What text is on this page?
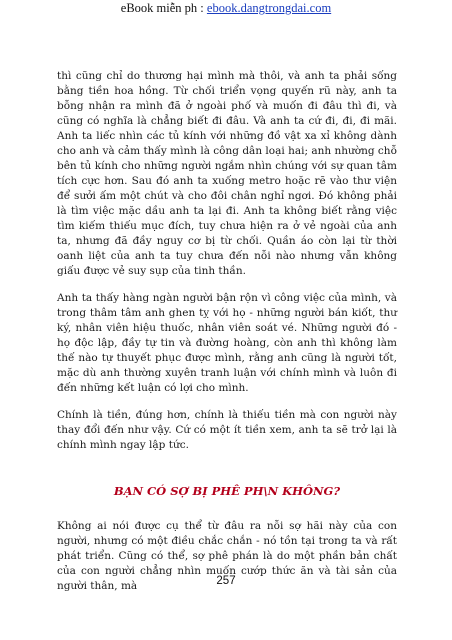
eBook miễn ph : ebook.dangtrongdai.com

thì cũng chỉ do thương hại mình mà thôi, và anh ta phải sống bằng tiền hoa hồng. Từ chối triển vọng quyến rũ này, anh ta bỗng nhận ra mình đã ở ngoài phố và muốn đi đâu thì đi, và cũng có nghĩa là chẳng biết đi đâu. Và anh ta cứ đi, đi, đi mãi. Anh ta liếc nhìn các tủ kính với những đồ vật xa xỉ không dành cho anh và cảm thấy mình là công dân loại hai; anh nhường chỗ bên tủ kính cho những người ngắm nhìn chúng với sự quan tâm tích cực hơn. Sau đó anh ta xuống metro hoặc rẽ vào thư viện để sưởi ấm một chút và cho đôi chân nghỉ ngơi. Đó không phải là tìm việc mặc dầu anh ta lại đi. Anh ta không biết rằng việc tìm kiếm thiếu mục đích, tuy chưa hiện ra ở vẻ ngoài của anh ta, nhưng đã đầy nguy cơ bị từ chối. Quần áo còn lại từ thời oanh liệt của anh ta tuy chưa đến nỗi nào nhưng vẫn không giấu được vẻ suy sụp của tinh thần.

Anh ta thấy hàng ngàn người bận rộn vì công việc của mình, và trong thâm tâm anh ghen tỵ với họ - những người bán kiốt, thư ký, nhân viên hiệu thuốc, nhân viên soát vé. Những người đó - họ độc lập, đầy tự tin và đường hoàng, còn anh thì không làm thế nào tự thuyết phục được mình, rằng anh cũng là người tốt, mặc dù anh thường xuyên tranh luận với chính mình và luôn đi đến những kết luận có lợi cho mình.

Chính là tiền, đúng hơn, chính là thiếu tiền mà con người này thay đổi đến như vậy. Cứ có một ít tiền xem, anh ta sẽ trở lại là chính mình ngay lập tức.

BẠN CÓ SỢ BỊ PHÊ PH\N KHÔNG?

Không ai nói được cụ thể từ đâu ra nỗi sợ hãi này của con người, nhưng có một điều chắc chắn - nó tồn tại trong ta và rất phát triển. Cũng có thể, sợ phê phán là do một phần bản chất của con người chẳng nhìn muốn cướp thức ăn và tài sản của người thân, mà	257
